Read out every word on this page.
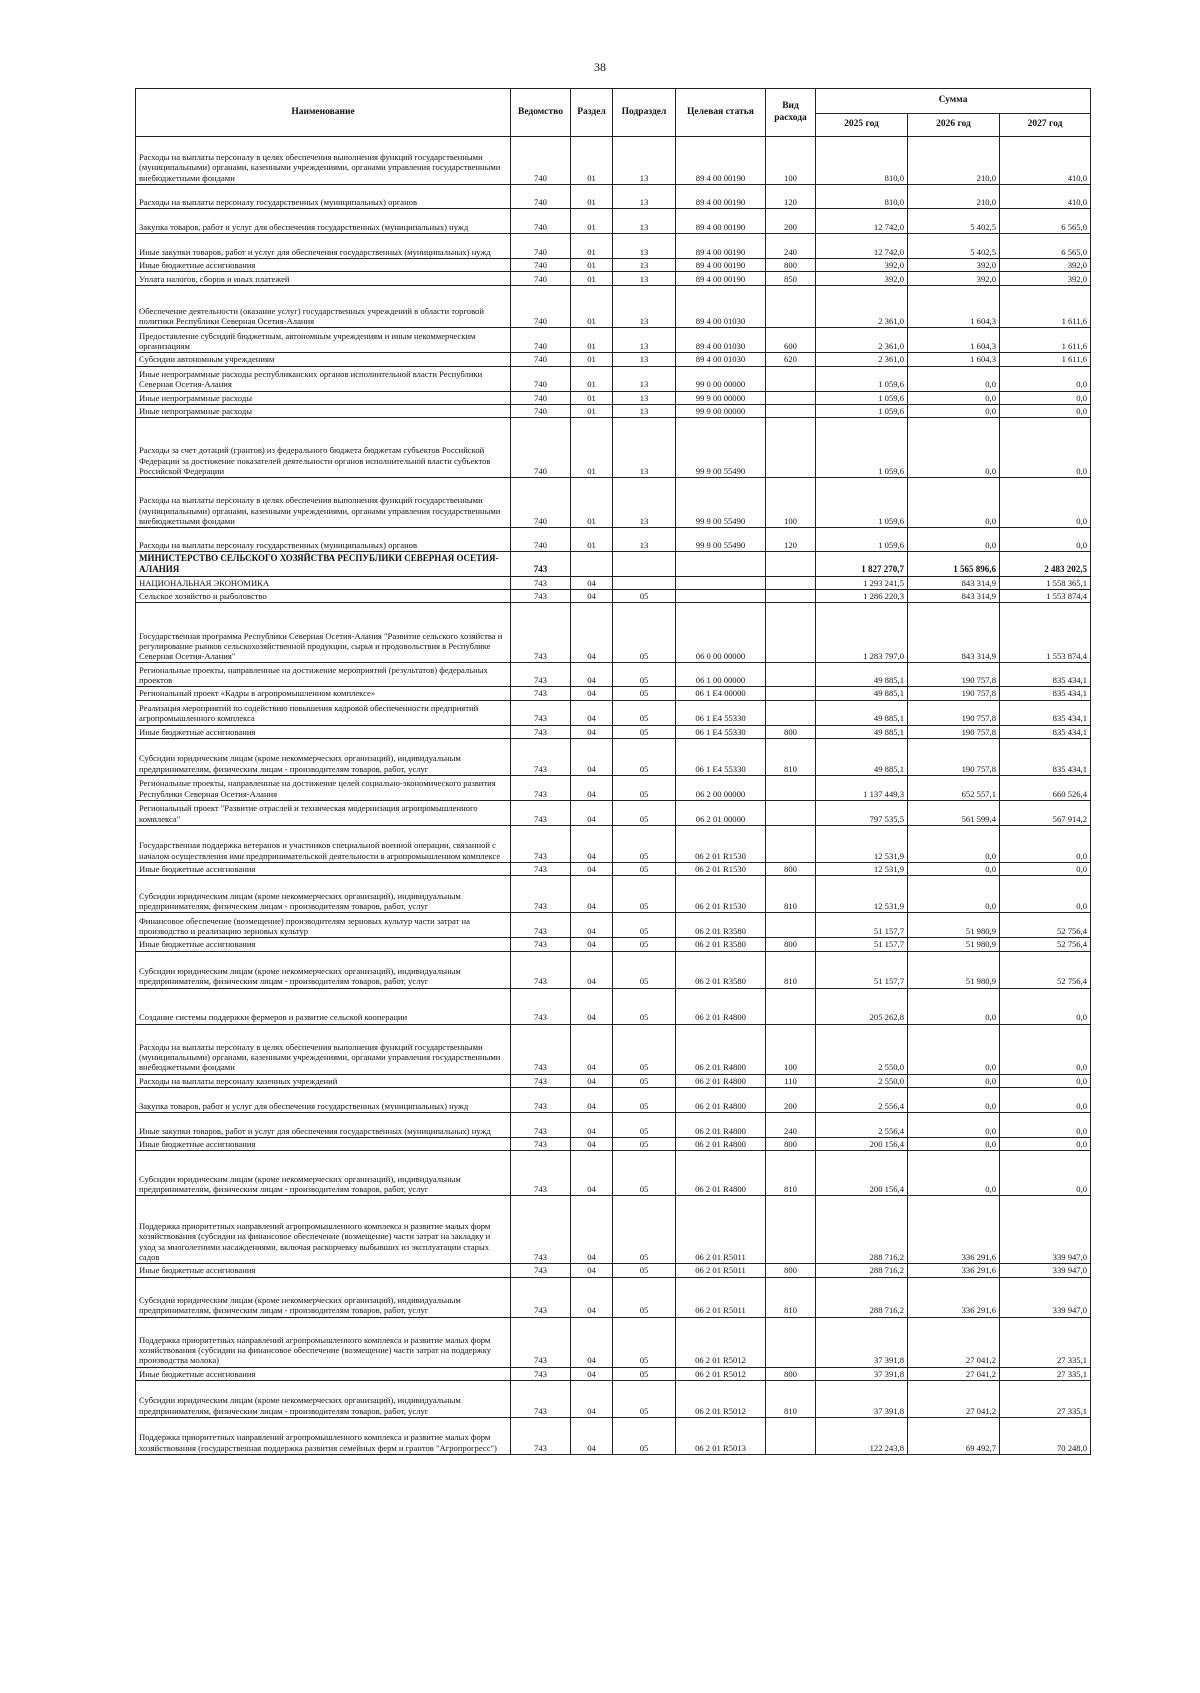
38
Наименование	Ведомство	Раздел	Подраздел	Целевая статья	Вид расхода	Сумма		
						2025 год	2026 год	2027 год
Расходы на выплаты персоналу в целях обеспечения выполнения функций государственными (муниципальными) органами, казенными учреждениями, органами управления государственными внебюджетными фондами	740	01	13	89 4 00 00190	100	810,0	210,0	410,0
Расходы на выплаты персоналу государственных (муниципальных) органов	740	01	13	89 4 00 00190	120	810,0	210,0	410,0
Закупка товаров, работ и услуг для обеспечения государственных (муниципальных) нужд	740	01	13	89 4 00 00190	200	12 742,0	5 402,5	6 565,0
Иные закупки товаров, работ и услуг для обеспечения государственных (муниципальных) нужд	740	01	13	89 4 00 00190	240	12 742,0	5 402,5	6 565,0
Иные бюджетные ассигнования	740	01	13	89 4 00 00190	800	392,0	392,0	392,0
Уплата налогов, сборов и иных платежей	740	01	13	89 4 00 00190	850	392,0	392,0	392,0
Обеспечение деятельности (оказание услуг) государственных учреждений в области торговой политики Республики Северная Осетия-Алания	740	01	13	89 4 00 01030		2 361,0	1 604,3	1 611,6
Предоставление субсидий бюджетным, автономным учреждениям и иным некоммерческим организациям	740	01	13	89 4 00 01030	600	2 361,0	1 604,3	1 611,6
Субсидии автономным учреждениям	740	01	13	89 4 00 01030	620	2 361,0	1 604,3	1 611,6
Иные непрограммные расходы республиканских органов исполнительной власти Республики Северная Осетия-Алания	740	01	13	99 0 00 00000		1 059,6	0,0	0,0
Иные непрограммные расходы	740	01	13	99 9 00 00000		1 059,6	0,0	0,0
Иные непрограммные расходы	740	01	13	99 9 00 00000		1 059,6	0,0	0,0
Расходы за счет дотаций (грантов) из федерального бюджета бюджетам субъектов Российской Федерации за достижение показателей деятельности органов исполнительной власти субъектов Российской Федерации	740	01	13	99 9 00 55490		1 059,6	0,0	0,0
Расходы на выплаты персоналу в целях обеспечения выполнения функций государственными (муниципальными) органами, казенными учреждениями, органами управления государственными внебюджетными фондами	740	01	13	99 9 00 55490	100	1 059,6	0,0	0,0
Расходы на выплаты персоналу государственных (муниципальных) органов	740	01	13	99 9 00 55490	120	1 059,6	0,0	0,0
МИНИСТЕРСТВО СЕЛЬСКОГО ХОЗЯЙСТВА РЕСПУБЛИКИ СЕВЕРНАЯ ОСЕТИЯ-АЛАНИЯ	743					1 827 270,7	1 565 896,6	2 483 202,5
НАЦИОНАЛЬНАЯ ЭКОНОМИКА	743	04				1 293 241,5	843 314,9	1 558 365,1
Сельское хозяйство и рыболовство	743	04	05			1 286 220,3	843 314,9	1 553 874,4
Государственная программа Республики Северная Осетия-Алания "Развитие сельского хозяйства и регулирование рынков сельскохозяйственной продукции, сырья и продовольствия в Республике Северная Осетия-Алания"	743	04	05	06 0 00 00000		1 283 797,0	843 314,9	1 553 874,4
Региональные проекты, направленные на достижение мероприятий (результатов) федеральных проектов	743	04	05	06 1 00 00000		49 885,1	190 757,8	835 434,1
Региональный проект «Кадры в агропромышленном комплексе»	743	04	05	06 1 Е4 00000		49 885,1	190 757,8	835 434,1
Реализация мероприятий по содействию повышения кадровой обеспеченности предприятий агропромышленного комплекса	743	04	05	06 1 Е4 55330		49 885,1	190 757,8	835 434,1
Иные бюджетные ассигнования	743	04	05	06 1 Е4 55330	800	49 885,1	190 757,8	835 434,1
Субсидии юридическим лицам (кроме некоммерческих организаций), индивидуальным предпринимателям, физическим лицам - производителям товаров, работ, услуг	743	04	05	06 1 Е4 55330	810	49 885,1	190 757,8	835 434,1
Региональные проекты, направленные на достижение целей социально-экономического развития Республики Северная Осетия-Алания	743	04	05	06 2 00 00000		1 137 449,3	652 557,1	660 526,4
Региональный проект "Развитие отраслей и техническая модернизация агропромышленного комплекса"	743	04	05	06 2 01 00000		797 535,5	561 599,4	567 914,2
Государственная поддержка ветеранов и участников специальной военной операции, связанной с началом осуществления ими предпринимательской деятельности в агропромышленном комплексе	743	04	05	06 2 01 R1530		12 531,9	0,0	0,0
Иные бюджетные ассигнования	743	04	05	06 2 01 R1530	800	12 531,9	0,0	0,0
Субсидии юридическим лицам (кроме некоммерческих организаций), индивидуальным предпринимателям, физическим лицам - производителям товаров, работ, услуг	743	04	05	06 2 01 R1530	810	12 531,9	0,0	0,0
Финансовое обеспечение (возмещение) производителям зерновых культур части затрат на производство и реализацию зерновых культур	743	04	05	06 2 01 R3580		51 157,7	51 980,9	52 756,4
Иные бюджетные ассигнования	743	04	05	06 2 01 R3580	800	51 157,7	51 980,9	52 756,4
Субсидии юридическим лицам (кроме некоммерческих организаций), индивидуальным предпринимателям, физическим лицам - производителям товаров, работ, услуг	743	04	05	06 2 01 R3580	810	51 157,7	51 980,9	52 756,4
Создание системы поддержки фермеров и развитие сельской кооперации	743	04	05	06 2 01 R4800		205 262,8	0,0	0,0
Расходы на выплаты персоналу в целях обеспечения выполнения функций государственными (муниципальными) органами, казенными учреждениями, органами управления государственными внебюджетными фондами	743	04	05	06 2 01 R4800	100	2 550,0	0,0	0,0
Расходы на выплаты персоналу казенных учреждений	743	04	05	06 2 01 R4800	110	2 550,0	0,0	0,0
Закупка товаров, работ и услуг для обеспечения государственных (муниципальных) нужд	743	04	05	06 2 01 R4800	200	2 556,4	0,0	0,0
Иные закупки товаров, работ и услуг для обеспечения государственных (муниципальных) нужд	743	04	05	06 2 01 R4800	240	2 556,4	0,0	0,0
Иные бюджетные ассигнования	743	04	05	06 2 01 R4800	800	200 156,4	0,0	0,0
Субсидии юридическим лицам (кроме некоммерческих организаций), индивидуальным предпринимателям, физическим лицам - производителям товаров, работ, услуг	743	04	05	06 2 01 R4800	810	200 156,4	0,0	0,0
Поддержка приоритетных направлений агропромышленного комплекса и развитие малых форм хозяйствования (субсидии на финансовое обеспечение (возмещение) части затрат на закладку и уход за многолетними насаждениями, включая раскорчевку выбывших из эксплуатации старых садов	743	04	05	06 2 01 R5011		288 716,2	336 291,6	339 947,0
Иные бюджетные ассигнования	743	04	05	06 2 01 R5011	800	288 716,2	336 291,6	339 947,0
Субсидии юридическим лицам (кроме некоммерческих организаций), индивидуальным предпринимателям, физическим лицам - производителям товаров, работ, услуг	743	04	05	06 2 01 R5011	810	288 716,2	336 291,6	339 947,0
Поддержка приоритетных направлений агропромышленного комплекса и развитие малых форм хозяйствования (субсидии на финансовое обеспечение (возмещение) части затрат на поддержку производства молока)	743	04	05	06 2 01 R5012		37 391,8	27 041,2	27 335,1
Иные бюджетные ассигнования	743	04	05	06 2 01 R5012	800	37 391,8	27 041,2	27 335,1
Субсидии юридическим лицам (кроме некоммерческих организаций), индивидуальным предпринимателям, физическим лицам - производителям товаров, работ, услуг	743	04	05	06 2 01 R5012	810	37 391,8	27 041,2	27 335,1
Поддержка приоритетных направлений агропромышленного комплекса и развитие малых форм хозяйствования (государственная поддержка развития семейных ферм и грантов "Агропрогресс")	743	04	05	06 2 01 R5013		122 243,8	69 492,7	70 248,0
